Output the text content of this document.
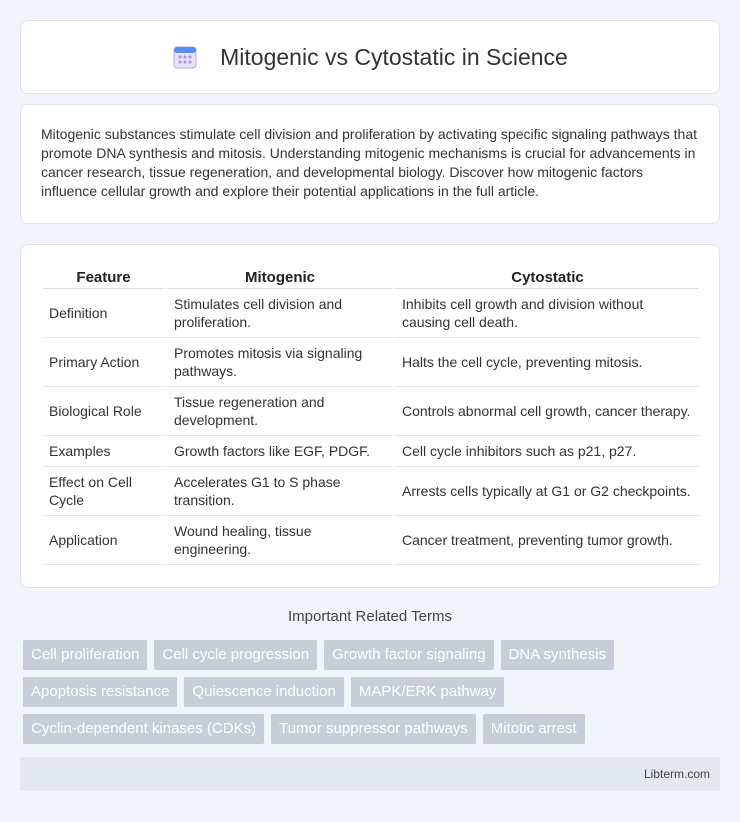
Mitogenic vs Cytostatic in Science

Mitogenic substances stimulate cell division and proliferation by activating specific signaling pathways that promote DNA synthesis and mitosis. Understanding mitogenic mechanisms is crucial for advancements in cancer research, tissue regeneration, and developmental biology. Discover how mitogenic factors influence cellular growth and explore their potential applications in the full article.

Feature	Mitogenic	Cytostatic
Definition	Stimulates cell division and proliferation.	Inhibits cell growth and division without causing cell death.
Primary Action	Promotes mitosis via signaling pathways.	Halts the cell cycle, preventing mitosis.
Biological Role	Tissue regeneration and development.	Controls abnormal cell growth, cancer therapy.
Examples	Growth factors like EGF, PDGF.	Cell cycle inhibitors such as p21, p27.
Effect on Cell Cycle	Accelerates G1 to S phase transition.	Arrests cells typically at G1 or G2 checkpoints.
Application	Wound healing, tissue engineering.	Cancer treatment, preventing tumor growth.
Important Related Terms
Cell proliferation	Cell cycle progression	Growth factor signaling	DNA synthesis
Apoptosis resistance	Quiescence induction	MAPK/ERK pathway
Cyclin-dependent kinases (CDKs)	Tumor suppressor pathways	Mitotic arrest
Libterm.com
